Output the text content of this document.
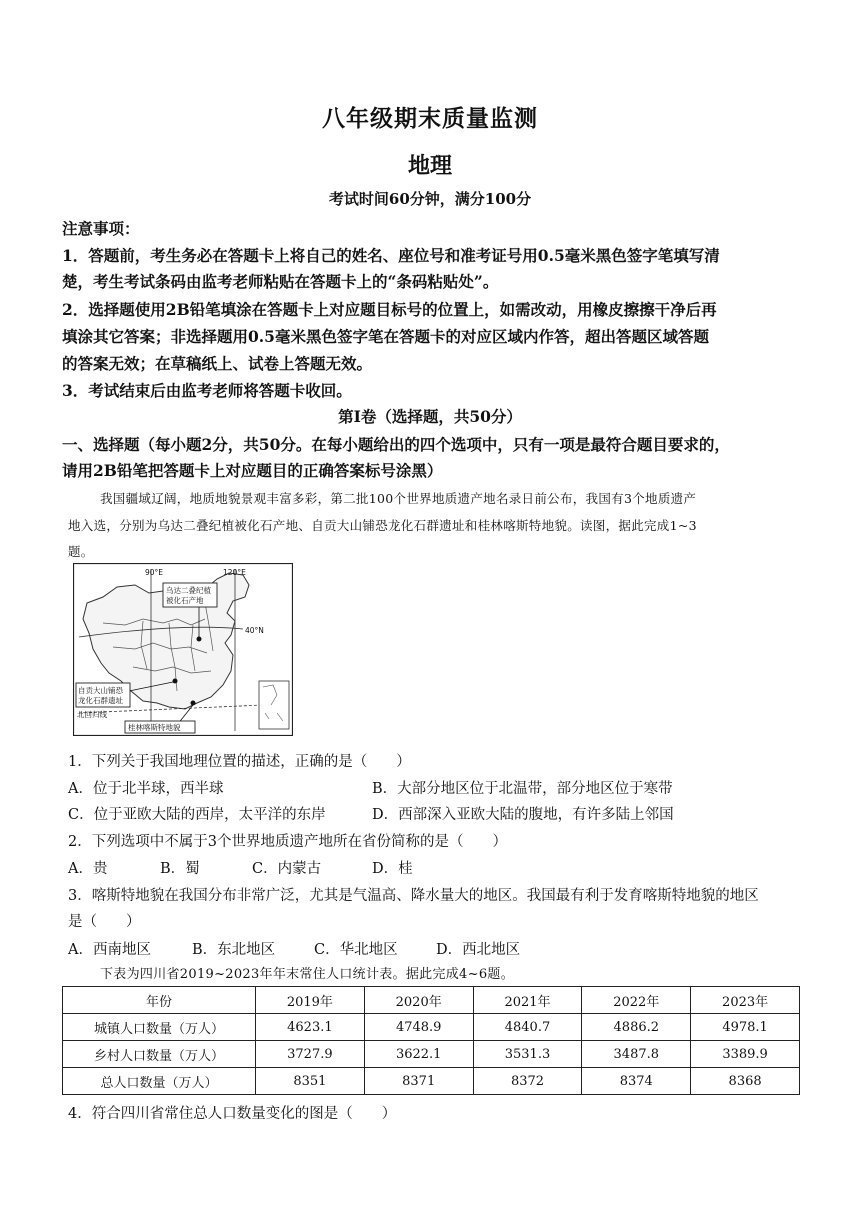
八年级期末质量监测
地理
考试时间60分钟，满分100分
注意事项：
1．答题前，考生务必在答题卡上将自己的姓名、座位号和准考证号用0.5毫米黑色签字笔填写清
楚，考生考试条码由监考老师粘贴在答题卡上的“条码粘贴处”。
2．选择题使用2B铅笔填涂在答题卡上对应题目标号的位置上，如需改动，用橡皮擦擦干净后再
填涂其它答案；非选择题用0.5毫米黑色签字笔在答题卡的对应区域内作答，超出答题区域答题
的答案无效；在草稿纸上、试卷上答题无效。
3．考试结束后由监考老师将答题卡收回。
第Ⅰ卷（选择题，共50分）
一、选择题（每小题2分，共50分。在每小题给出的四个选项中，只有一项是最符合题目要求的，
请用2B铅笔把答题卡上对应题目的正确答案标号涂黑）
我国疆域辽阔，地质地貌景观丰富多彩，第二批100个世界地质遗产地名录日前公布，我国有3个地质遗产
地入选，分别为乌达二叠纪植被化石产地、自贡大山铺恐龙化石群遗址和桂林喀斯特地貌。读图，据此完成1~3
题。
90°E	120°E
40°N
乌达二叠纪植
被化石产地
自贡大山铺恐
龙化石群遗址
北回归线
桂林喀斯特地貌
1．下列关于我国地理位置的描述，正确的是（　　）
A．位于北半球，西半球	B．大部分地区位于北温带，部分地区位于寒带
C．位于亚欧大陆的西岸，太平洋的东岸	D．西部深入亚欧大陆的腹地，有许多陆上邻国
2．下列选项中不属于3个世界地质遗产地所在省份简称的是（　　）
A．贵	B．蜀	C．内蒙古	D．桂
3．喀斯特地貌在我国分布非常广泛，尤其是气温高、降水量大的地区。我国最有利于发育喀斯特地貌的地区
是（　　）
A．西南地区	B．东北地区	C．华北地区	D．西北地区
下表为四川省2019~2023年年末常住人口统计表。据此完成4~6题。
年份	2019年	2020年	2021年	2022年	2023年
城镇人口数量（万人）	4623.1	4748.9	4840.7	4886.2	4978.1
乡村人口数量（万人）	3727.9	3622.1	3531.3	3487.8	3389.9
总人口数量（万人）	8351	8371	8372	8374	8368
4．符合四川省常住总人口数量变化的图是（　　）
